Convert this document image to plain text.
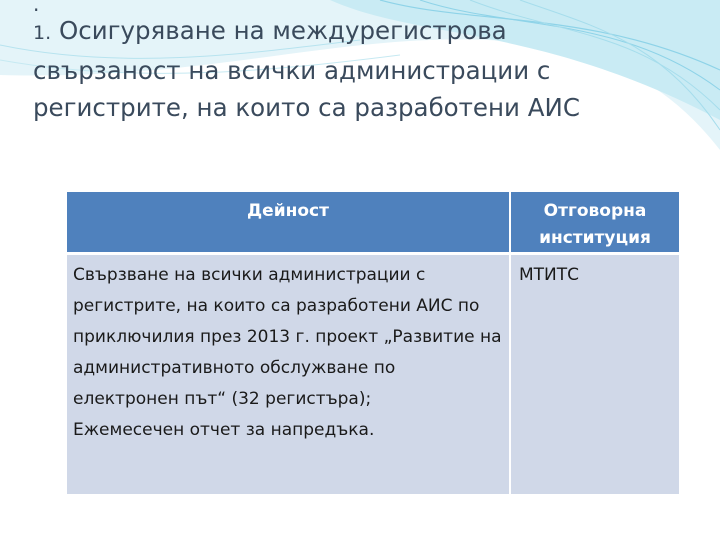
.
1. Осигуряване на междурегистрова
свързаност на всички администрации с
регистрите, на които са разработени АИС
Дейност	Отговорна институция
Свързване на всички администрации с регистрите, на които са разработени АИС по приключилия през 2013 г. проект „Развитие на административното обслужване по електронен път“ (32 регистъра);
Ежемесечен отчет за напредъка.	МТИТС
